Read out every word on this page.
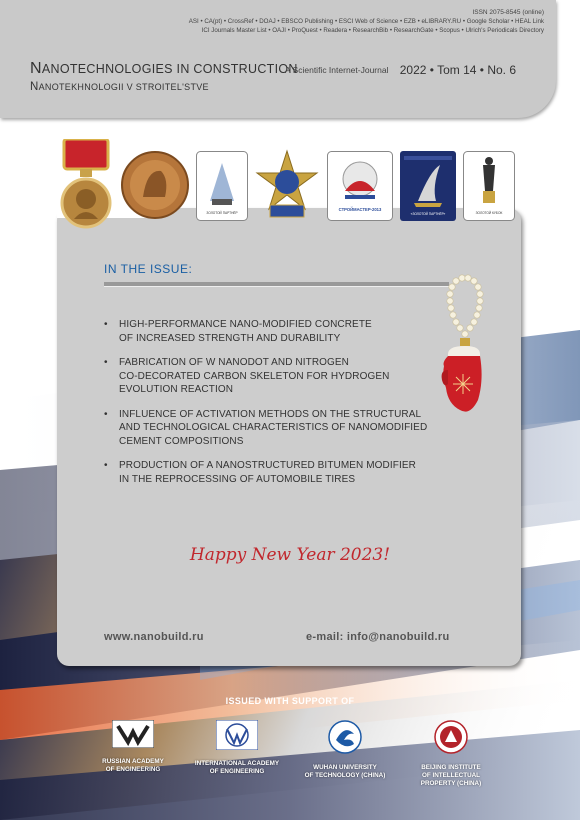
ISSN 2075-8545 (online)
ASI • CA(pt) • CrossRef • DOAJ • EBSCO Publishing • ESCI Web of Science • EZB • eLIBRARY.RU • Google Scholar • HEAL Link ICI Journals Master List • OAJI • ProQuest • Readera • ResearchBib • ResearchGate • Scopus • Ulrich's Periodicals Directory
NANOTECHNOLOGIES IN CONSTRUCTION
NANOTEKHNOLOGII V STROITEL'STVE
A Scientific Internet-Journal 2022 • Tom 14 • No. 6
ЗОЛОТОЙ ПАРТНЁР
СТРОЙМАСТЕР-2013
«ЗОЛОТОЙ ПАРТНЁР»	ЗОЛОТОЙ КУБОК
IN THE ISSUE:
• HIGH-PERFORMANCE NANO-MODIFIED CONCRETE
OF INCREASED STRENGTH AND DURABILITY
• FABRICATION OF W NANODOT AND NITROGEN
CO-DECORATED CARBON SKELETON FOR HYDROGEN
EVOLUTION REACTION
• INFLUENCE OF ACTIVATION METHODS ON THE STRUCTURAL
AND TECHNOLOGICAL CHARACTERISTICS OF NANOMODIFIED
CEMENT COMPOSITIONS
• PRODUCTION OF A NANOSTRUCTURED BITUMEN MODIFIER
IN THE REPROCESSING OF AUTOMOBILE TIRES
Happy New Year 2023!
www.nanobuild.ru	e-mail: info@nanobuild.ru
ISSUED WITH SUPPORT OF
RUSSIAN ACADEMY
OF ENGINEERING
INTERNATIONAL ACADEMY
OF ENGINEERING
WUHAN UNIVERSITY
OF TECHNOLOGY (CHINA)
BEIJING INSTITUTE
OF INTELLECTUAL
PROPERTY (CHINA)
